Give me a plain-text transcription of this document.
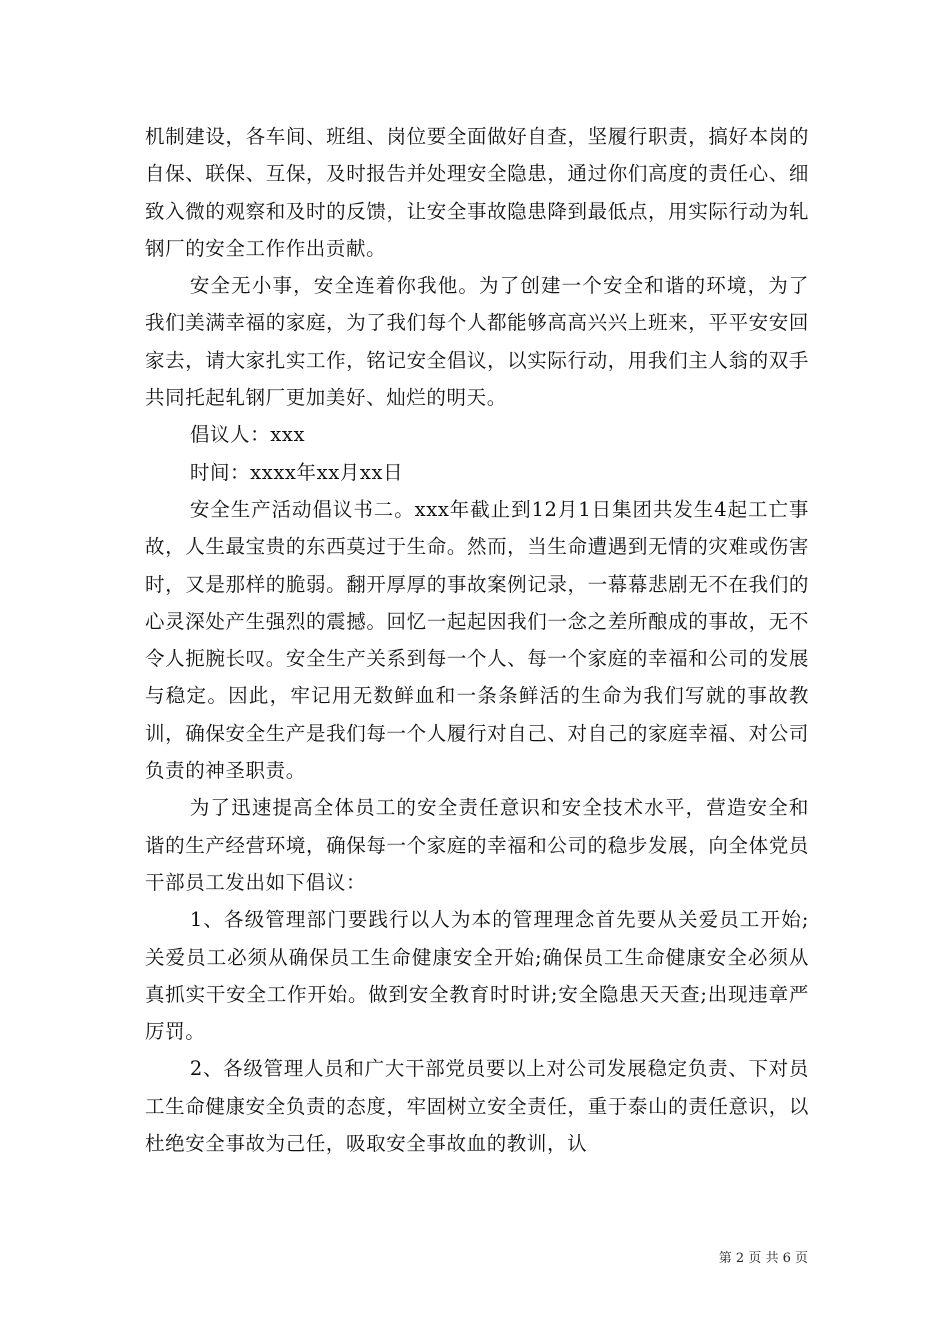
机制建设，各车间、班组、岗位要全面做好自查，坚履行职责，搞好本岗的自保、联保、互保，及时报告并处理安全隐患，通过你们高度的责任心、细致入微的观察和及时的反馈，让安全事故隐患降到最低点，用实际行动为轧钢厂的安全工作作出贡献。

安全无小事，安全连着你我他。为了创建一个安全和谐的环境，为了我们美满幸福的家庭，为了我们每个人都能够高高兴兴上班来，平平安安回家去，请大家扎实工作，铭记安全倡议，以实际行动，用我们主人翁的双手共同托起轧钢厂更加美好、灿烂的明天。

倡议人：xxx

时间：xxxx年xx月xx日

安全生产活动倡议书二。xxx年截止到12月1日集团共发生4起工亡事故，人生最宝贵的东西莫过于生命。然而，当生命遭遇到无情的灾难或伤害时，又是那样的脆弱。翻开厚厚的事故案例记录，一幕幕悲剧无不在我们的心灵深处产生强烈的震撼。回忆一起起因我们一念之差所酿成的事故，无不令人扼腕长叹。安全生产关系到每一个人、每一个家庭的幸福和公司的发展与稳定。因此，牢记用无数鲜血和一条条鲜活的生命为我们写就的事故教训，确保安全生产是我们每一个人履行对自己、对自己的家庭幸福、对公司负责的神圣职责。

为了迅速提高全体员工的安全责任意识和安全技术水平，营造安全和谐的生产经营环境，确保每一个家庭的幸福和公司的稳步发展，向全体党员干部员工发出如下倡议：

1、各级管理部门要践行以人为本的管理理念首先要从关爱员工开始;关爱员工必须从确保员工生命健康安全开始;确保员工生命健康安全必须从真抓实干安全工作开始。做到安全教育时时讲;安全隐患天天查;出现违章严厉罚。

2、各级管理人员和广大干部党员要以上对公司发展稳定负责、下对员工生命健康安全负责的态度，牢固树立安全责任，重于泰山的责任意识，以杜绝安全事故为己任，吸取安全事故血的教训，认

第 2 页 共 6 页
